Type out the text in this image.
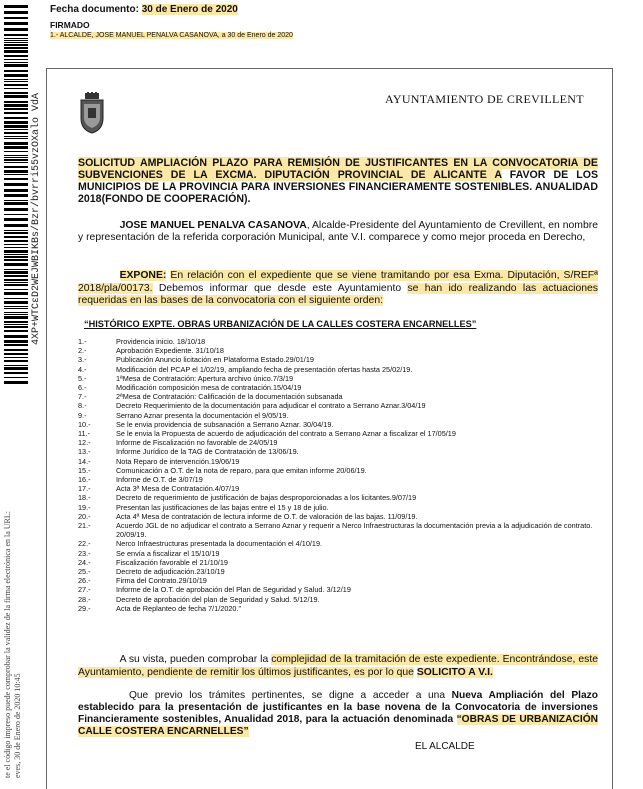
Fecha documento: 30 de Enero de 2020
FIRMADO
1.- ALCALDE, JOSE MANUEL PENALVA CASANOVA, a 30 de Enero de 2020
4XP+WTCεD2WEJWBIKBs/Bzr/bvrri55vzOXalo VdA
te el código impreso puede comprobar la validez de la firma electrónica en la URL: eves, 30 de Enero de 2020 10:45
AYUNTAMIENTO DE CREVILLENT
SOLICITUD AMPLIACIÓN PLAZO PARA REMISIÓN DE JUSTIFICANTES EN LA CONVOCATORIA DE SUBVENCIONES DE LA EXCMA. DIPUTACIÓN PROVINCIAL DE ALICANTE A FAVOR DE LOS MUNICIPIOS DE LA PROVINCIA PARA INVERSIONES FINANCIERAMENTE SOSTENIBLES. ANUALIDAD 2018(FONDO DE COOPERACIÓN).
    JOSE MANUEL PENALVA CASANOVA, Alcalde-Presidente del Ayuntamiento de Crevillent, en nombre y representación de la referida corporación Municipal, ante V.I. comparece y como mejor proceda en Derecho,
    EXPONE: En relación con el expediente que se viene tramitando por esa Exma. Diputación, S/REFª 2018/pla/00173. Debemos informar que desde este Ayuntamiento se han ido realizando las actuaciones requeridas en las bases de la convocatoria con el siguiente orden:
“HISTÓRICO EXPTE. OBRAS URBANIZACIÓN DE LA CALLES COSTERA ENCARNELLES”
1.-	Providencia inicio. 18/10/18
2.-	Aprobación Expediente. 31/10/18
3.-	Publicación Anuncio licitación en Plataforma Estado.29/01/19
4.-	Modificación del PCAP el 1/02/19, ampliando fecha de presentación ofertas hasta 25/02/19.
5.-	1ªMesa de Contratación: Apertura archivo único.7/3/19
6.-	Modificación composición mesa de contratación.15/04/19
7.-	2ªMesa de Contratación: Calificación de la documentación subsanada
8.-	Decreto Requerimiento de la documentación para adjudicar el contrato a Serrano Aznar.3/04/19
9.-	Serrano Aznar presenta la documentación el 9/05/19.
10.-	Se le envia providencia de subsanación a Serrano Aznar. 30/04/19.
11.-	Se le envia la Propuesta de acuerdo de adjudicación del contrato a Serrano Aznar a fiscalizar el 17/05/19
12.-	Informe de Fiscalización no favorable de 24/05/19
13.-	Informe Jurídico de la TAG de Contratación de 13/06/19.
14.-	Nota Reparo de intervención.19/06/19
15.-	Comunicación a O.T. de la nota de reparo, para que emitan informe 20/06/19.
16.-	Informe de O.T. de 3/07/19
17.-	Acta 3ª Mesa de Contratación.4/07/19
18.-	Decreto de requerimiento de justificación de bajas desproporcionadas a los licitantes.9/07/19
19.-	Presentan las justificaciones de las bajas entre el 15 y 18 de julio.
20.-	Acta 4ª Mesa de contratación de lectura informe de O.T. de valoración de las bajas. 11/09/19.
21.-	Acuerdo JGL de no adjudicar el contrato a Serrano Aznar y requerir a Nerco Infraestructuras la documentación previa a la adjudicación de contrato. 20/09/19.
22.-	Nerco Infraestructuras presentada la documentación el 4/10/19.
23.-	Se envía a fiscalizar el 15/10/19
24.-	Fiscalización favorable el 21/10/19
25.-	Decreto de adjudicación.23/10/19
26.-	Firma del Contrato.29/10/19
27.-	Informe de la O.T. de aprobación del Plan de Seguridad y Salud. 3/12/19
28.-	Decreto de aprobación del plan de Seguridad y Salud. 5/12/19.
29.-	Acta de Replanteo de fecha 7/1/2020.”
    A su vista, pueden comprobar la complejidad de la tramitación de este expediente. Encontrándose, este Ayuntamiento, pendiente de remitir los últimos justificantes, es por lo que SOLICITO A V.I.
     Que previo los trámites pertinentes, se digne a acceder a una Nueva Ampliación del Plazo establecido para la presentación de justificantes en la base novena de la Convocatoria de inversiones Financieramente sostenibles, Anualidad 2018, para la actuación denominada “OBRAS DE URBANIZACIÓN CALLE COSTERA ENCARNELLES”
EL ALCALDE
